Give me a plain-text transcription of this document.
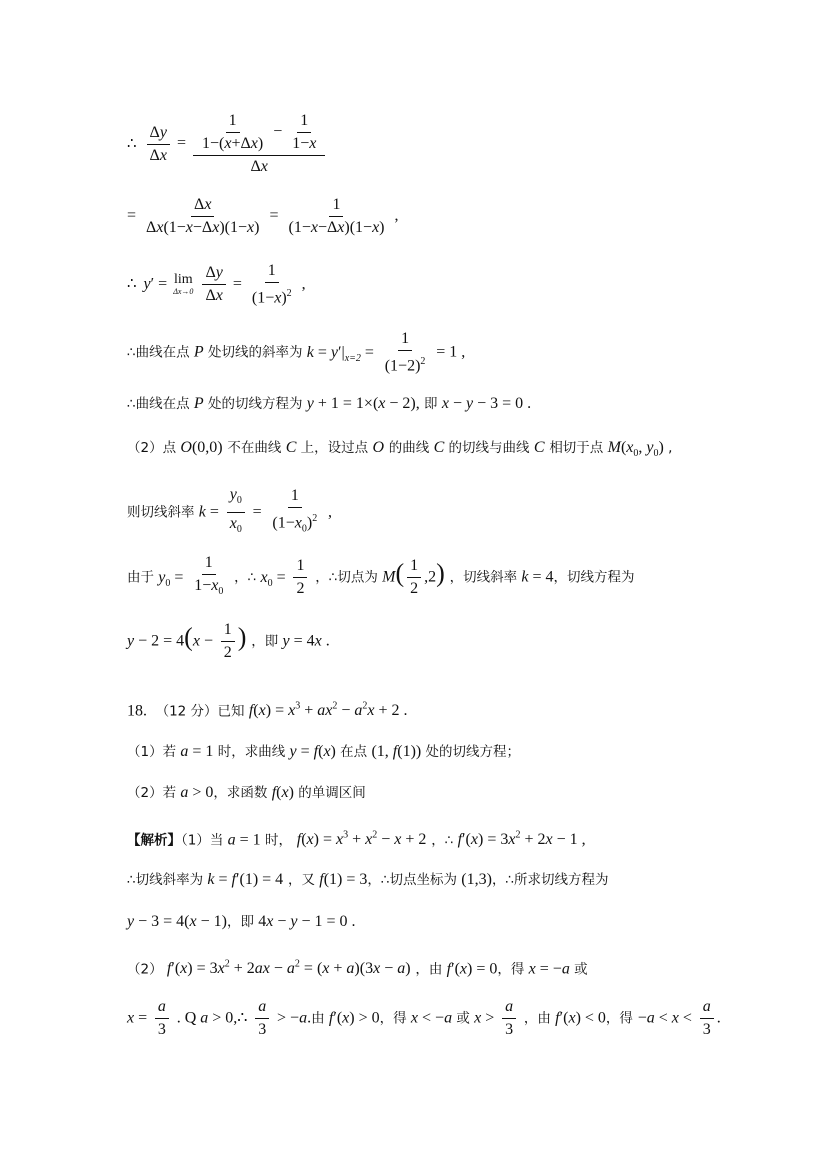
∴ $\frac{\Delta y}{\Delta x} = \frac{\frac{1}{1-(x+\Delta x)} - \frac{1}{1-x}}{\Delta x}$
= $\frac{\Delta x}{\Delta x(1-x-\Delta x)(1-x)} = \frac{1}{(1-x-\Delta x)(1-x)}$ ,
∴ y′ = lim
Δx→0
$\frac{\Delta y}{\Delta x} = \frac{1}{(1-x)^2}$ ,
∴曲线在点 P 处切线的斜率为 $k = y'|_{x=2} = \frac{1}{(1-2)^2} = 1$ ,
∴曲线在点 P 处的切线方程为 y + 1 = 1×(x − 2), 即 x − y − 3 = 0 .
（2）点 O(0,0) 不在曲线 C 上，设过点 O 的曲线 C 的切线与曲线 C 相切于点 $M(x_0$, $y_0$) ,
则切线斜率 $k = \frac{y_0}{x_0} = \frac{1}{(1-x_0)^2}$ ,
由于 $y_0 = \frac{1}{1-x_0}$ ，∴ $x_0 = \frac{1}{2}$ ，∴切点为 $M( \frac{1}{2} ,2)$ ，切线斜率 k = 4，切线方程为
$y - 2 = 4(x - \frac{1}{2}$ ) ，即 y = 4x .
18.  （12 分）已知 $f(x) = x^3 + ax^2 - a^2x + 2$ .
（1）若 a = 1 时，求曲线 y = f(x) 在点 (1, f(1)) 处的切线方程；
（2）若 a > 0，求函数 f(x) 的单调区间
【解析】（1）当 a = 1 时， $f(x) = x^3 + x^2 - x + 2$ ，∴ $f'(x) = 3x^2 + 2x - 1$ ,
∴切线斜率为 k = f′(1) = 4 ，又 f(1) = 3，∴切点坐标为 (1,3)，∴所求切线方程为
y − 3 = 4(x − 1)，即 4x − y − 1 = 0 .
（2） $f'(x) = 3x^2 + 2ax - a^2 = (x + a)(3x - a)$ ，由 f′(x) = 0，得 x = −a 或
$x = \frac{a}{3}$ . Q a > 0,∴ $\frac{a}{3} > -a$.由 f′(x) > 0，得 x < −a 或 $x > \frac{a}{3}$ ，由 f′(x) < 0，得 $-a < x < \frac{a}{3}$ .
